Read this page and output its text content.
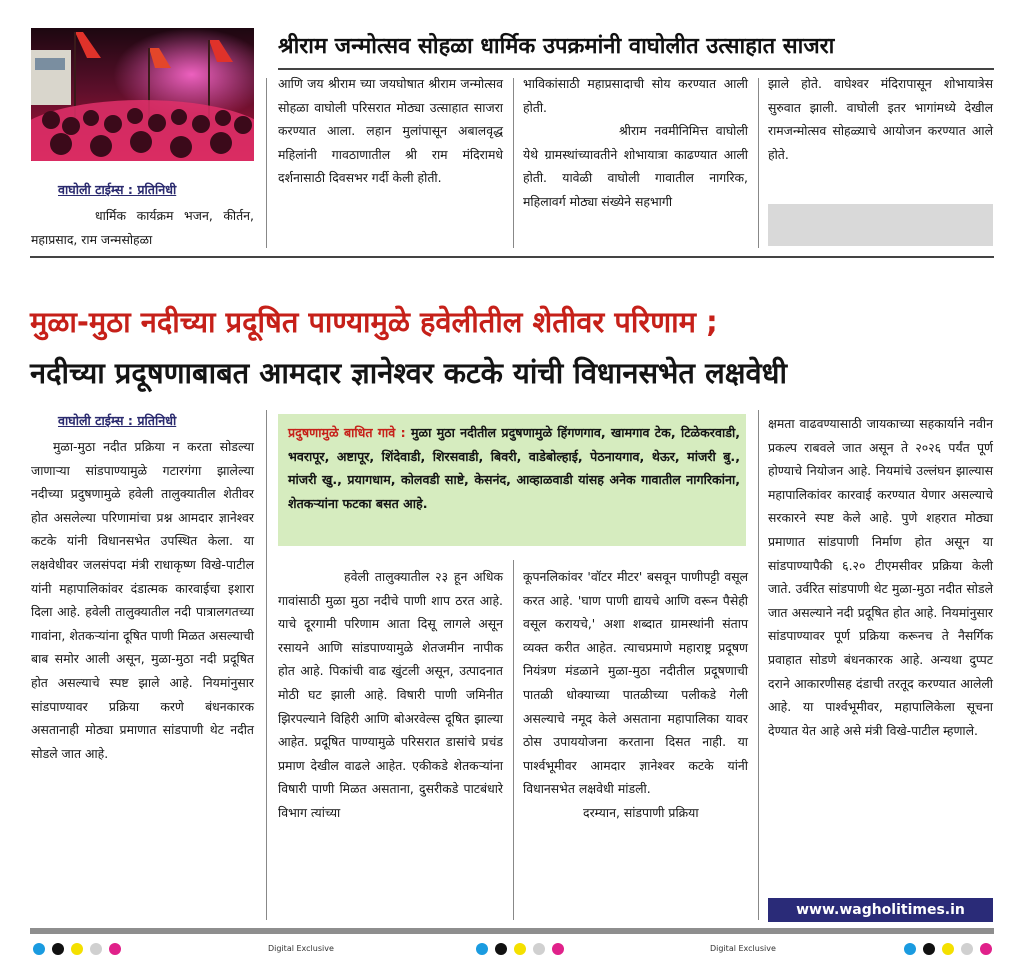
श्रीराम जन्मोत्सव सोहळा धार्मिक उपक्रमांनी वाघोलीत उत्साहात साजरा
वाघोली टाईम्स : प्रतिनिधी
धार्मिक कार्यक्रम भजन, कीर्तन, महाप्रसाद, राम जन्मसोहळा
आणि जय श्रीराम च्या जयघोषात श्रीराम जन्मोत्सव सोहळा वाघोली परिसरात मोठ्या उत्साहात साजरा करण्यात आला. लहान मुलांपासून अबालवृद्ध महिलांनी गावठाणातील श्री राम मंदिरामधे दर्शनासाठी दिवसभर गर्दी केली होती.

भाविकांसाठी महाप्रसादाची सोय करण्यात आली होती.

श्रीराम नवमीनिमित्त वाघोली येथे ग्रामस्थांच्यावतीने शोभायात्रा काढण्यात आली होती. यावेळी वाघोली गावातील नागरिक, महिलावर्ग मोठ्या संख्येने सहभागी

झाले होते. वाघेश्वर मंदिरापासून शोभायात्रेस सुरुवात झाली. वाघोली इतर भागांमध्ये देखील रामजन्मोत्सव सोहळ्याचे आयोजन करण्यात आले होते.
मुळा-मुठा नदीच्या प्रदूषित पाण्यामुळे हवेलीतील शेतीवर परिणाम ;
नदीच्या प्रदूषणाबाबत आमदार ज्ञानेश्वर कटके यांची विधानसभेत लक्षवेधी
वाघोली टाईम्स : प्रतिनिधी
मुळा-मुठा नदीत प्रक्रिया न करता सोडल्या जाणाऱ्या सांडपाण्यामुळे गटारगंगा झालेल्या नदीच्या प्रदुषणामुळे हवेली तालुक्यातील शेतीवर होत असलेल्या परिणामांचा प्रश्न आमदार ज्ञानेश्वर कटके यांनी विधानसभेत उपस्थित केला. या लक्षवेधीवर जलसंपदा मंत्री राधाकृष्ण विखे-पाटील यांनी महापालिकांवर दंडात्मक कारवाईचा इशारा दिला आहे. हवेली तालुक्यातील नदी पात्रालगतच्या गावांना, शेतकऱ्यांना दूषित पाणी मिळत असल्याची बाब समोर आली असून, मुळा-मुठा नदी प्रदूषित होत असल्याचे स्पष्ट झाले आहे. नियमांनुसार सांडपाण्यावर प्रक्रिया करणे बंधनकारक असतानाही मोठ्या प्रमाणात सांडपाणी थेट नदीत सोडले जात आहे.
प्रदुषणामुळे बाधित गावे : मुळा मुठा नदीतील प्रदुषणामुळे हिंगणगाव, खामगाव टेक, टिळेकरवाडी, भवरापूर, अष्टापूर, शिंदेवाडी, शिरसवाडी, बिवरी, वाडेबोल्हाई, पेठनायगाव, थेऊर, मांजरी बु., मांजरी खु., प्रयागधाम, कोलवडी साष्टे, केसनंद, आव्हाळवाडी यांसह अनेक गावातील नागरिकांना, शेतकऱ्यांना फटका बसत आहे.
हवेली तालुक्यातील २३ हून अधिक गावांसाठी मुळा मुठा नदीचे पाणी शाप ठरत आहे. याचे दूरगामी परिणाम आता दिसू लागले असून रसायने आणि सांडपाण्यामुळे शेतजमीन नापीक होत आहे. पिकांची वाढ खुंटली असून, उत्पादनात मोठी घट झाली आहे. विषारी पाणी जमिनीत झिरपल्याने विहिरी आणि बोअरवेल्स दूषित झाल्या आहेत. प्रदूषित पाण्यामुळे परिसरात डासांचे प्रचंड प्रमाण देखील वाढले आहेत. एकीकडे शेतकऱ्यांना विषारी पाणी मिळत असताना, दुसरीकडे पाटबंधारे विभाग त्यांच्या

कूपनलिकांवर 'वॉटर मीटर' बसवून पाणीपट्टी वसूल करत आहे. 'घाण पाणी द्यायचे आणि वरून पैसेही वसूल करायचे,' अशा शब्दात ग्रामस्थांनी संताप व्यक्त करीत आहेत. त्याचप्रमाणे महाराष्ट्र प्रदूषण नियंत्रण मंडळाने मुळा-मुठा नदीतील प्रदूषणाची पातळी धोक्याच्या पातळीच्या पलीकडे गेली असल्याचे नमूद केले असताना महापालिका यावर ठोस उपाययोजना करताना दिसत नाही. या पार्श्वभूमीवर आमदार ज्ञानेश्वर कटके यांनी विधानसभेत लक्षवेधी मांडली.

दरम्यान, सांडपाणी प्रक्रिया

क्षमता वाढवण्यासाठी जायकाच्या सहकार्याने नवीन प्रकल्प राबवले जात असून ते २०२६ पर्यंत पूर्ण होण्याचे नियोजन आहे. नियमांचे उल्लंघन झाल्यास महापालिकांवर कारवाई करण्यात येणार असल्याचे सरकारने स्पष्ट केले आहे. पुणे शहरात मोठ्या प्रमाणात सांडपाणी निर्माण होत असून या सांडपाण्यापैकी ६.२० टीएमसीवर प्रक्रिया केली जाते. उर्वरित सांडपाणी थेट मुळा-मुठा नदीत सोडले जात असल्याने नदी प्रदूषित होत आहे. नियमांनुसार सांडपाण्यावर पूर्ण प्रक्रिया करूनच ते नैसर्गिक प्रवाहात सोडणे बंधनकारक आहे. अन्यथा दुप्पट दराने आकारणीसह दंडाची तरतूद करण्यात आलेली आहे. या पार्श्वभूमीवर, महापालिकेला सूचना देण्यात येत आहे असे मंत्री विखे-पाटील म्हणाले.
www.wagholitimes.in
Digital Exclusive	Digital Exclusive
